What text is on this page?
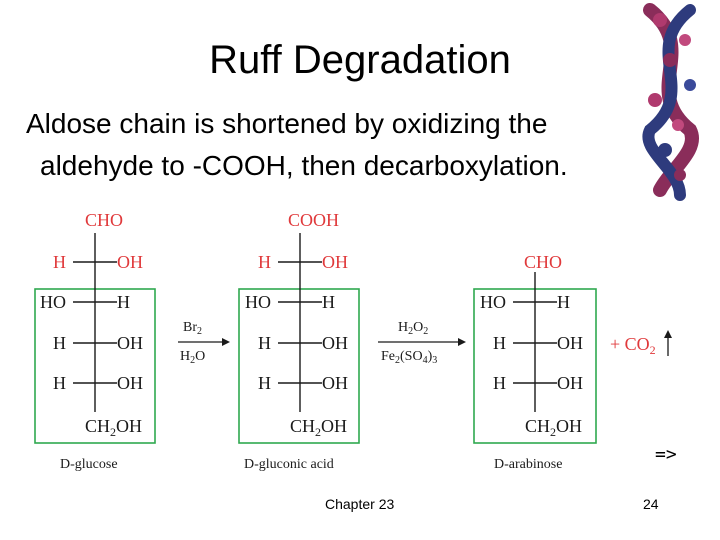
Ruff Degradation
Aldose chain is shortened by oxidizing the
aldehyde to -COOH, then decarboxylation.
CHO
H	OH
HO	H
H	OH
H	OH
$CH_2OH$
D-glucose
$Br_2$
$H_2O$
COOH
H	OH
HO	H
H	OH
H	OH
$CH_2OH$
D-gluconic acid
$H_2O_2$
$Fe_2(SO_4)_3$
CHO
HO	H
H	OH
H	OH
$CH_2OH$
D-arabinose
+ $CO_2$
=>
Chapter 23	24
